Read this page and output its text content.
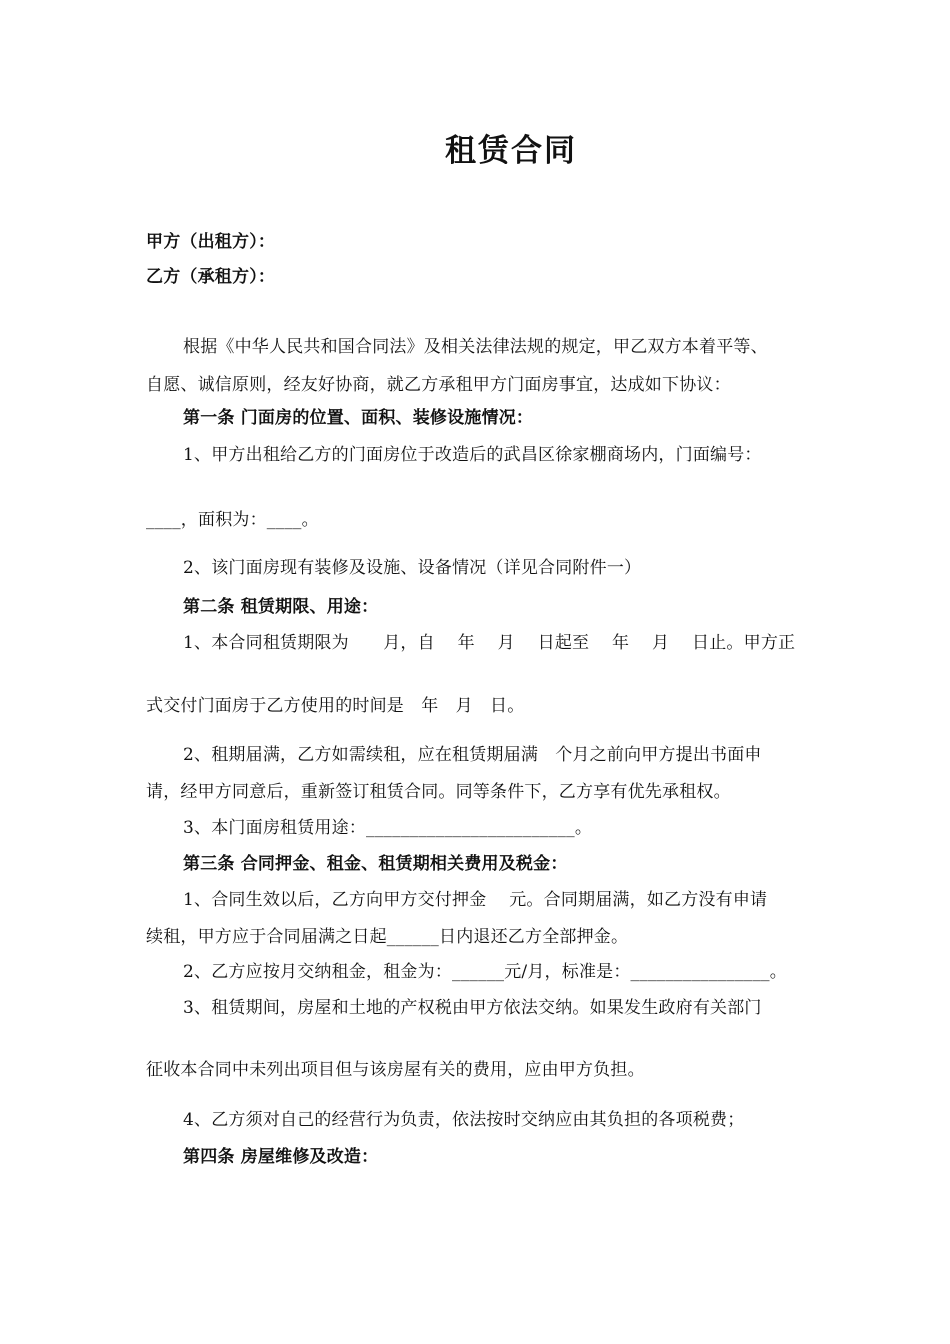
租赁合同
甲方（出租方）：
乙方（承租方）：
根据《中华人民共和国合同法》及相关法律法规的规定，甲乙双方本着平等、
自愿、诚信原则，经友好协商，就乙方承租甲方门面房事宜，达成如下协议：
第一条 门面房的位置、面积、装修设施情况：
1、甲方出租给乙方的门面房位于改造后的武昌区徐家棚商场内，门面编号：
____，面积为：____。
2、该门面房现有装修及设施、设备情况（详见合同附件一）
第二条 租赁期限、用途：
1、本合同租赁期限为　　月，自　 年　 月　 日起至　 年　 月　 日止。甲方正
式交付门面房于乙方使用的时间是　年　月　日。
2、租期届满，乙方如需续租，应在租赁期届满　个月之前向甲方提出书面申
请，经甲方同意后，重新签订租赁合同。同等条件下，乙方享有优先承租权。
3、本门面房租赁用途：________________________。
第三条 合同押金、租金、租赁期相关费用及税金：
1、合同生效以后，乙方向甲方交付押金　 元。合同期届满，如乙方没有申请
续租，甲方应于合同届满之日起______日内退还乙方全部押金。
2、乙方应按月交纳租金，租金为：______元/月，标准是：________________。
3、租赁期间，房屋和土地的产权税由甲方依法交纳。如果发生政府有关部门
征收本合同中未列出项目但与该房屋有关的费用，应由甲方负担。
4、乙方须对自己的经营行为负责，依法按时交纳应由其负担的各项税费；
第四条 房屋维修及改造：
